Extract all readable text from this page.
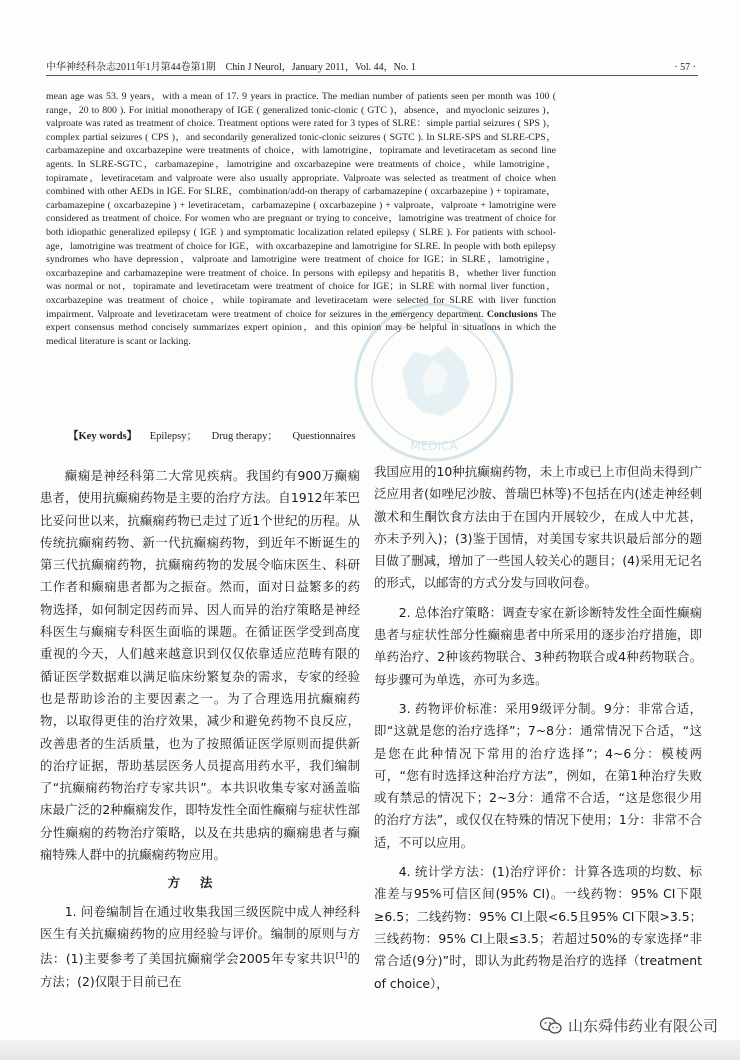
中华神经科杂志2011年1月第44卷第1期　Chin J Neurol，January 2011，Vol. 44，No. 1	· 57 ·
MEDICA
mean age was 53. 9 years，with a mean of 17. 9 years in practice. The median number of patients seen per month was 100 ( range，20 to 800 ). For initial monotherapy of IGE ( generalized tonic-clonic ( GTC )，absence，and myoclonic seizures )，valproate was rated as treatment of choice. Treatment options were rated for 3 types of SLRE：simple partial seizures ( SPS )，complex partial seizures ( CPS )，and secondarily generalized tonic-clonic seizures ( SGTC ). In SLRE-SPS and SLRE-CPS，carbamazepine and oxcarbazepine were treatments of choice，with lamotrigine，topiramate and levetiracetam as second line agents. In SLRE-SGTC，carbamazepine，lamotrigine and oxcarbazepine were treatments of choice，while lamotrigine，topiramate，levetiracetam and valproate were also usually appropriate. Valproate was selected as treatment of choice when combined with other AEDs in IGE. For SLRE，combination/add-on therapy of carbamazepine ( oxcarbazepine ) + topiramate，carbamazepine ( oxcarbazepine ) + levetiracetam，carbamazepine ( oxcarbazepine ) + valproate，valproate + lamotrigine were considered as treatment of choice. For women who are pregnant or trying to conceive，lamotrigine was treatment of choice for both idiopathic generalized epilepsy ( IGE ) and symptomatic localization related epilepsy ( SLRE ). For patients with school-age，lamotrigine was treatment of choice for IGE，with oxcarbazepine and lamotrigine for SLRE. In people with both epilepsy syndromes who have depression，valproate and lamotrigine were treatment of choice for IGE；in SLRE，lamotrigine，oxcarbazepine and carbamazepine were treatment of choice. In persons with epilepsy and hepatitis B，whether liver function was normal or not，topiramate and levetiracetam were treatment of choice for IGE；in SLRE with normal liver function，oxcarbazepine was treatment of choice，while topiramate and levetiracetam were selected for SLRE with liver function impairment. Valproate and levetiracetam were treatment of choice for seizures in the emergency department. Conclusions The expert consensus method concisely summarizes expert opinion，and this opinion may be helpful in situations in which the medical literature is scant or lacking.
【Key words】 Epilepsy； Drug therapy； Questionnaires

癫痫是神经科第二大常见疾病。我国约有900万癫痫患者，使用抗癫痫药物是主要的治疗方法。自1912年苯巴比妥问世以来，抗癫痫药物已走过了近1个世纪的历程。从传统抗癫痫药物、新一代抗癫痫药物，到近年不断诞生的第三代抗癫痫药物，抗癫痫药物的发展令临床医生、科研工作者和癫痫患者都为之振奋。然而，面对日益繁多的药物选择，如何制定因药而异、因人而异的治疗策略是神经科医生与癫痫专科医生面临的课题。在循证医学受到高度重视的今天，人们越来越意识到仅仅依靠适应范畴有限的循证医学数据难以满足临床纷繁复杂的需求，专家的经验也是帮助诊治的主要因素之一。为了合理选用抗癫痫药物，以取得更佳的治疗效果，减少和避免药物不良反应，改善患者的生活质量，也为了按照循证医学原则而提供新的治疗证据，帮助基层医务人员提高用药水平，我们编制了“抗癫痫药物治疗专家共识”。本共识收集专家对涵盖临床最广泛的2种癫痫发作，即特发性全面性癫痫与症状性部分性癫痫的药物治疗策略，以及在共患病的癫痫患者与癫痫特殊人群中的抗癫痫药物应用。

方法

1. 问卷编制旨在通过收集我国三级医院中成人神经科医生有关抗癫痫药物的应用经验与评价。编制的原则与方法：(1)主要参考了美国抗癫痫学会2005年专家共识[1]的方法；(2)仅限于目前已在

我国应用的10种抗癫痫药物，未上市或已上市但尚未得到广泛应用者(如唑尼沙胺、普瑞巴林等)不包括在内(述走神经刺激术和生酮饮食方法由于在国内开展较少，在成人中尤甚，亦未予列入)；(3)鉴于国情，对美国专家共识最后部分的题目做了删减，增加了一些国人较关心的题目；(4)采用无记名的形式，以邮寄的方式分发与回收问卷。

2. 总体治疗策略：调查专家在新诊断特发性全面性癫痫患者与症状性部分性癫痫患者中所采用的逐步治疗措施，即单药治疗、2种该药物联合、3种药物联合或4种药物联合。每步骤可为单选，亦可为多选。

3. 药物评价标准：采用9级评分制。9分：非常合适，即“这就是您的治疗选择”；7~8分：通常情况下合适，“这是您在此种情况下常用的治疗选择”；4~6分：模棱两可，“您有时选择这种治疗方法”，例如，在第1种治疗失败或有禁忌的情况下；2~3分：通常不合适，“这是您很少用的治疗方法”，或仅仅在特殊的情况下使用；1分：非常不合适，不可以应用。

4. 统计学方法：(1)治疗评价：计算各选项的均数、标准差与95%可信区间(95% CI)。一线药物：95% CI下限≥6.5；二线药物：95% CI上限<6.5且95% CI下限>3.5；三线药物：95% CI上限≤3.5；若超过50%的专家选择“非常合适(9分)”时，即认为此药物是治疗的选择（treatment of choice），

山东舜伟药业有限公司
